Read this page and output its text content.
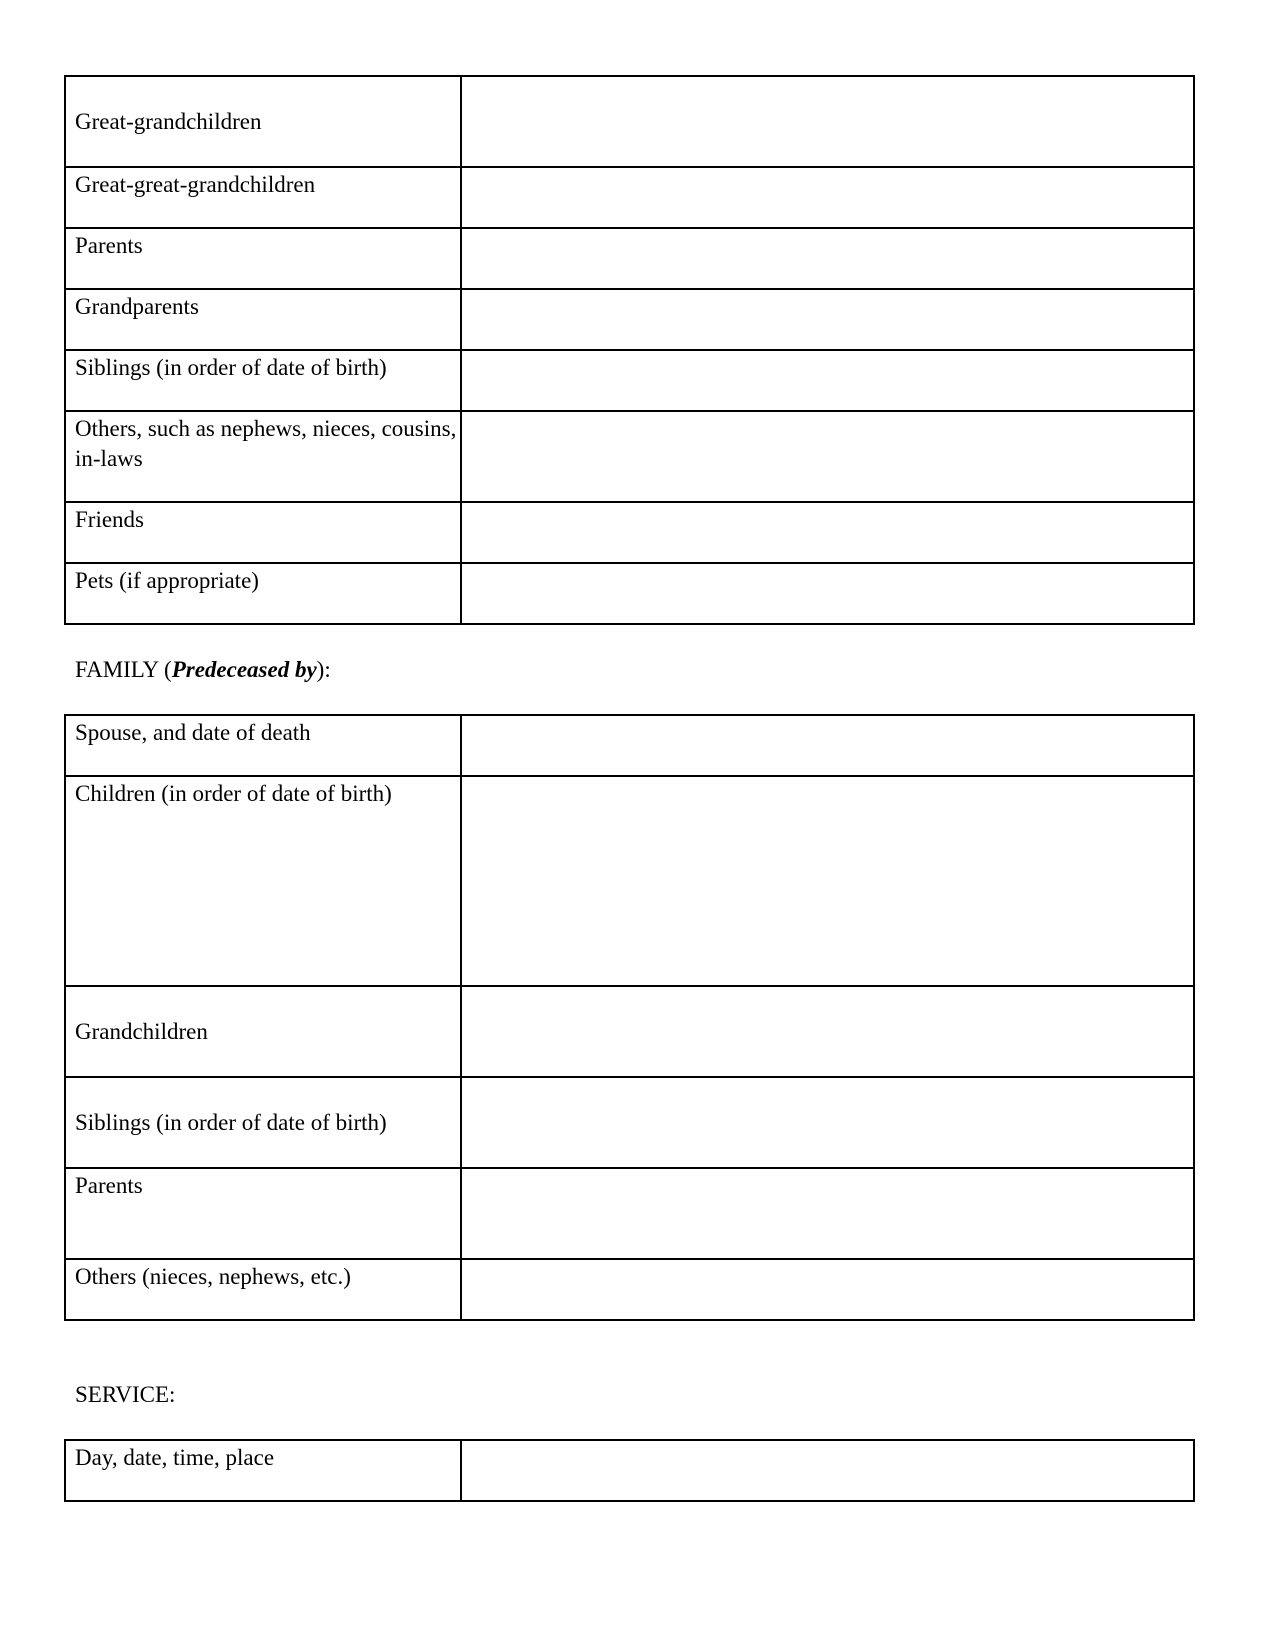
Great-grandchildren	
Great-great-grandchildren	
Parents	
Grandparents	
Siblings (in order of date of birth)	
Others, such as nephews, nieces, cousins, in-laws	
Friends	
Pets (if appropriate)	

FAMILY (Predeceased by):

Spouse, and date of death	
Children (in order of date of birth)	
Grandchildren	
Siblings (in order of date of birth)	
Parents	
Others (nieces, nephews, etc.)	

SERVICE:

Day, date, time, place	
